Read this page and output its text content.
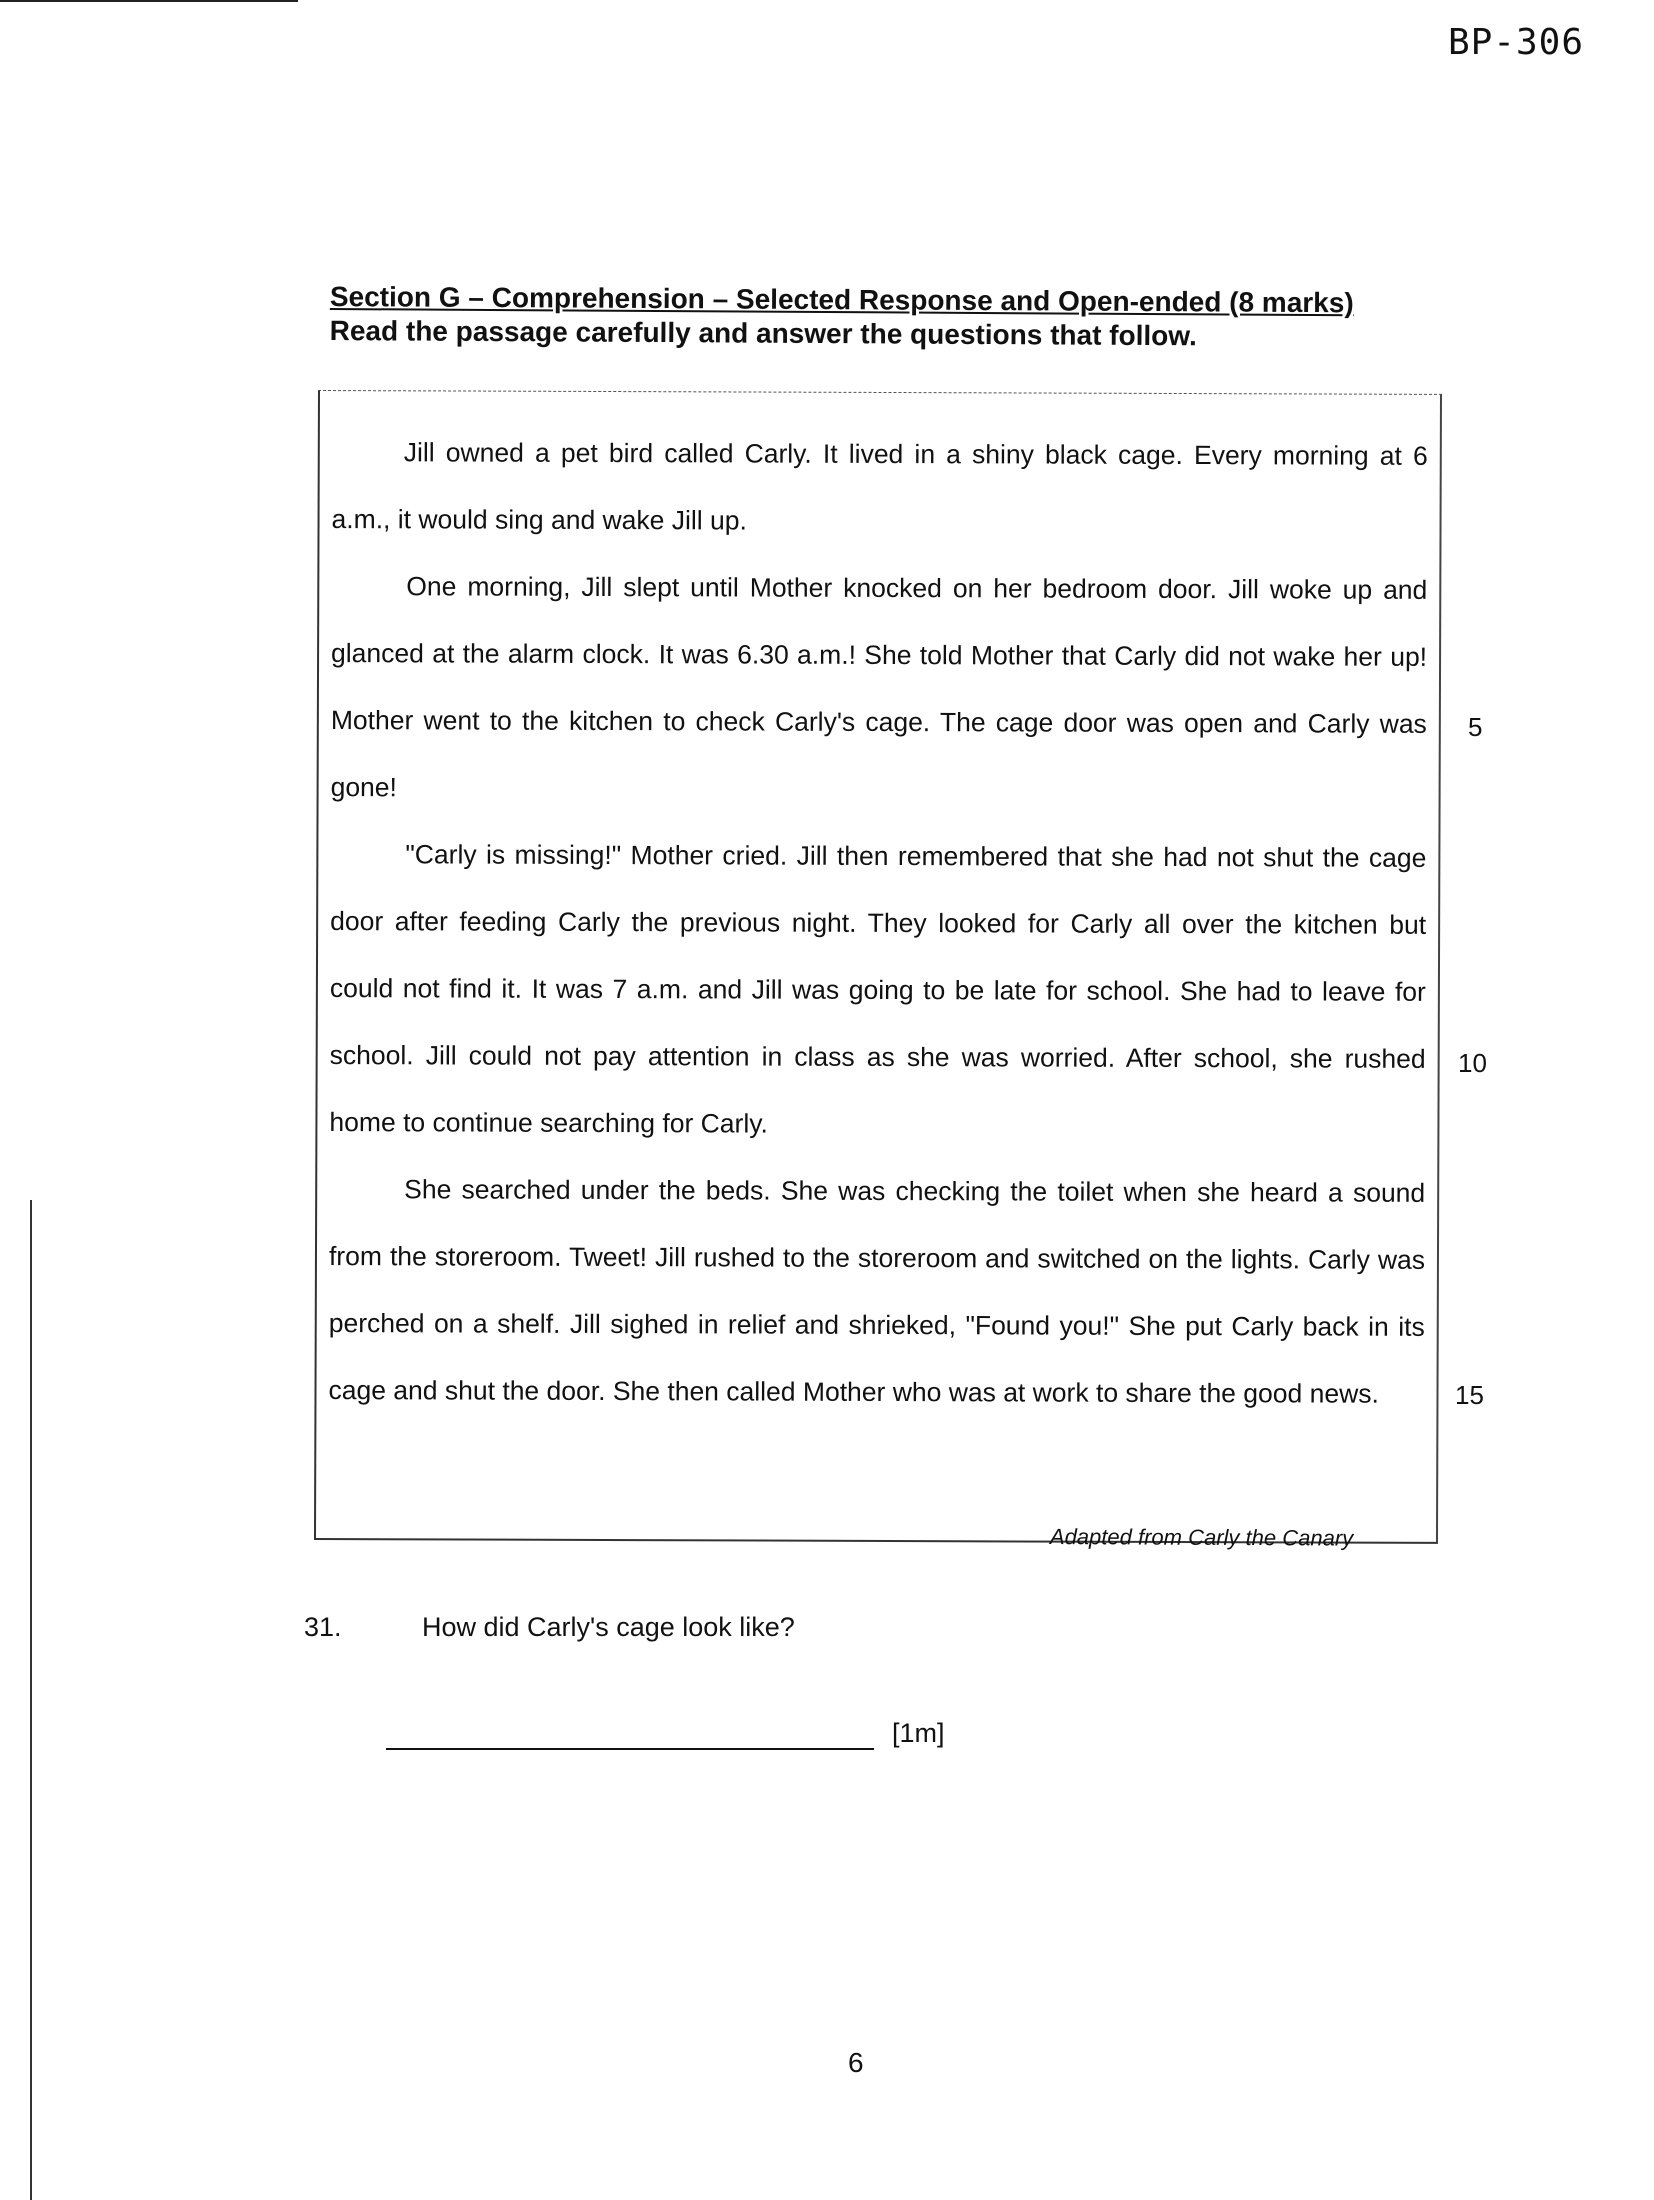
BP-306

Section G – Comprehension – Selected Response and Open-ended (8 marks)

Read the passage carefully and answer the questions that follow.

Jill owned a pet bird called Carly. It lived in a shiny black cage. Every morning at 6 a.m., it would sing and wake Jill up.

One morning, Jill slept until Mother knocked on her bedroom door. Jill woke up and glanced at the alarm clock. It was 6.30 a.m.! She told Mother that Carly did not wake her up! Mother went to the kitchen to check Carly's cage. The cage door was open and Carly was gone!

"Carly is missing!" Mother cried. Jill then remembered that she had not shut the cage door after feeding Carly the previous night. They looked for Carly all over the kitchen but could not find it. It was 7 a.m. and Jill was going to be late for school. She had to leave for school. Jill could not pay attention in class as she was worried. After school, she rushed home to continue searching for Carly.

She searched under the beds. She was checking the toilet when she heard a sound from the storeroom. Tweet! Jill rushed to the storeroom and switched on the lights. Carly was perched on a shelf. Jill sighed in relief and shrieked, "Found you!" She put Carly back in its cage and shut the door. She then called Mother who was at work to share the good news.

5
10
15
Adapted from Carly the Canary
31.	How did Carly's cage look like?
[1m]
6
